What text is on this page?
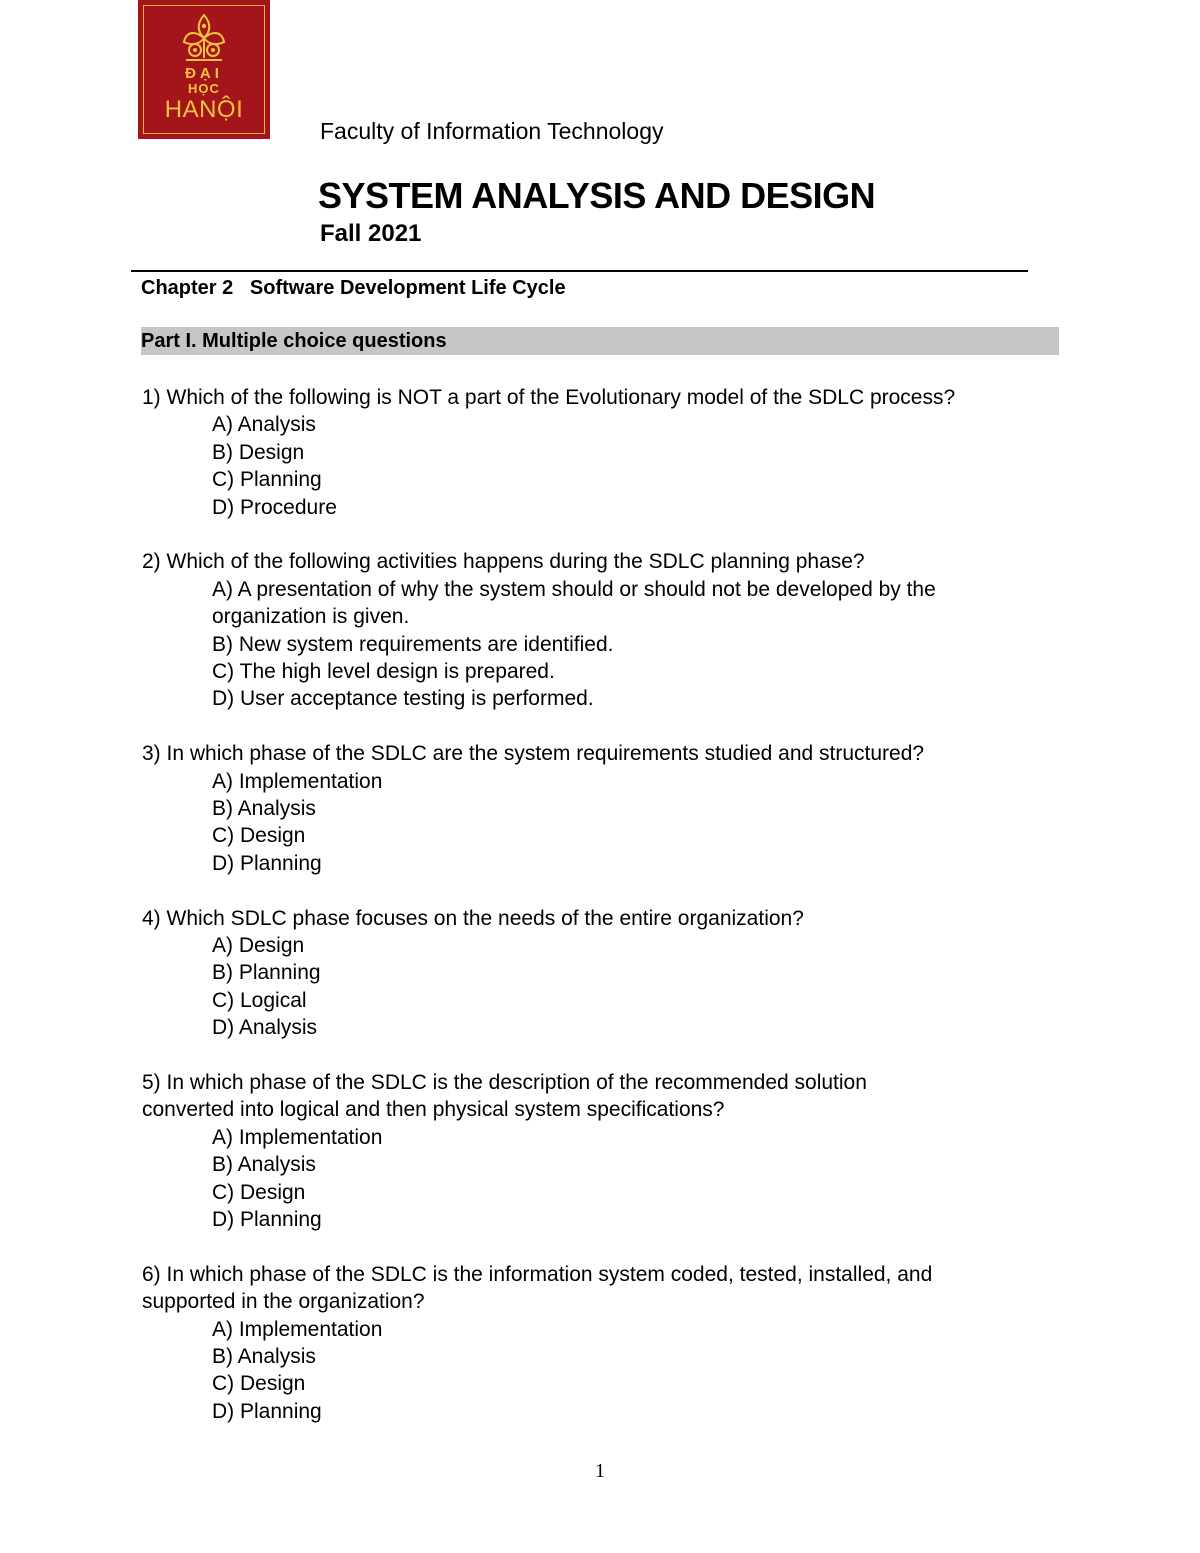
ĐẠI
HỌC
HANỘI
Faculty of Information Technology
SYSTEM ANALYSIS AND DESIGN
Fall 2021
Chapter 2 Software Development Life Cycle
Part I. Multiple choice questions
1) Which of the following is NOT a part of the Evolutionary model of the SDLC process?
A) Analysis
B) Design
C) Planning
D) Procedure
2) Which of the following activities happens during the SDLC planning phase?
A) A presentation of why the system should or should not be developed by the
organization is given.
B) New system requirements are identified.
C) The high level design is prepared.
D) User acceptance testing is performed.
3) In which phase of the SDLC are the system requirements studied and structured?
A) Implementation
B) Analysis
C) Design
D) Planning
4) Which SDLC phase focuses on the needs of the entire organization?
A) Design
B) Planning
C) Logical
D) Analysis
5) In which phase of the SDLC is the description of the recommended solution
converted into logical and then physical system specifications?
A) Implementation
B) Analysis
C) Design
D) Planning
6) In which phase of the SDLC is the information system coded, tested, installed, and
supported in the organization?
A) Implementation
B) Analysis
C) Design
D) Planning
1
